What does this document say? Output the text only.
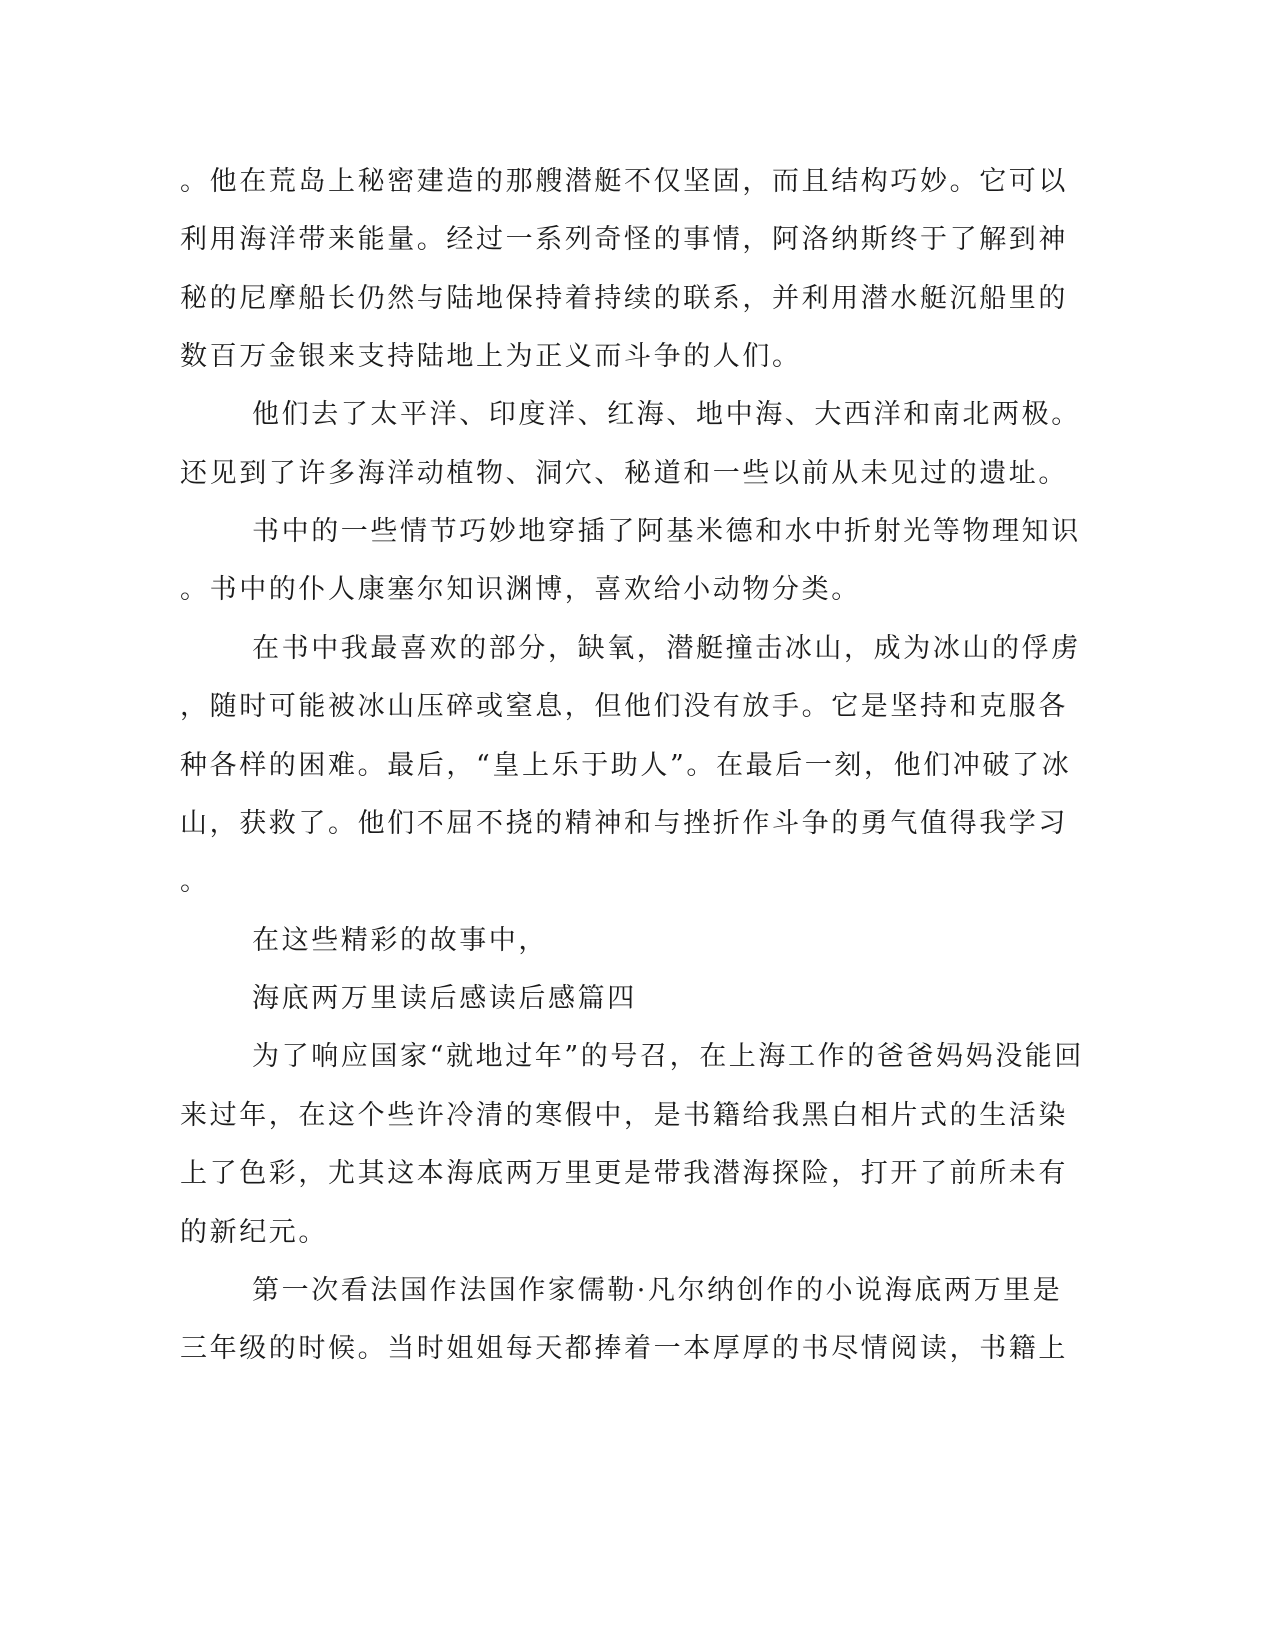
。他在荒岛上秘密建造的那艘潜艇不仅坚固，而且结构巧妙。它可以
利用海洋带来能量。经过一系列奇怪的事情，阿洛纳斯终于了解到神
秘的尼摩船长仍然与陆地保持着持续的联系，并利用潜水艇沉船里的
数百万金银来支持陆地上为正义而斗争的人们。
他们去了太平洋、印度洋、红海、地中海、大西洋和南北两极。
还见到了许多海洋动植物、洞穴、秘道和一些以前从未见过的遗址。
书中的一些情节巧妙地穿插了阿基米德和水中折射光等物理知识
。书中的仆人康塞尔知识渊博，喜欢给小动物分类。
在书中我最喜欢的部分，缺氧，潜艇撞击冰山，成为冰山的俘虏
，随时可能被冰山压碎或窒息，但他们没有放手。它是坚持和克服各
种各样的困难。最后，“皇上乐于助人”。在最后一刻，他们冲破了冰
山，获救了。他们不屈不挠的精神和与挫折作斗争的勇气值得我学习
。
在这些精彩的故事中，
海底两万里读后感读后感篇四
为了响应国家“就地过年”的号召，在上海工作的爸爸妈妈没能回
来过年，在这个些许冷清的寒假中，是书籍给我黑白相片式的生活染
上了色彩，尤其这本海底两万里更是带我潜海探险，打开了前所未有
的新纪元。
第一次看法国作法国作家儒勒·凡尔纳创作的小说海底两万里是
三年级的时候。当时姐姐每天都捧着一本厚厚的书尽情阅读，书籍上
